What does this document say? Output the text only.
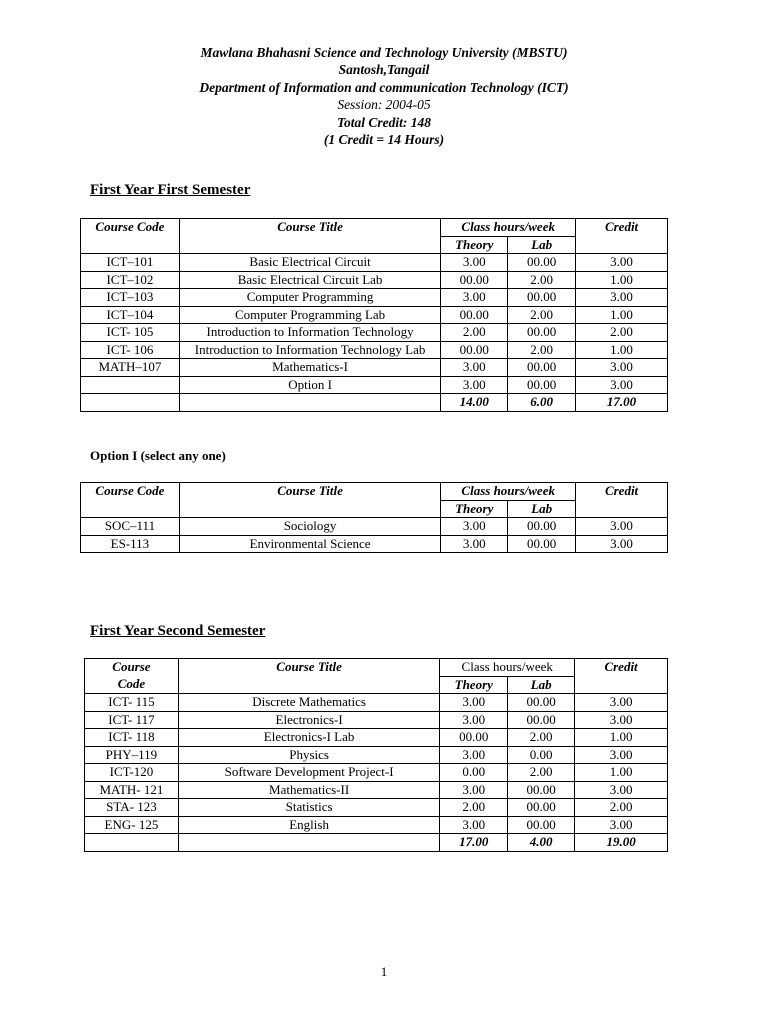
Mawlana Bhahasni Science and Technology University (MBSTU)
Santosh,Tangail
Department of Information and communication Technology (ICT)
Session: 2004-05
Total Credit: 148
(1 Credit = 14 Hours)
First Year First Semester
Course Code	Course Title	Class hours/week		Credit
		Theory	Lab	
ICT–101	Basic Electrical Circuit	3.00	00.00	3.00
ICT–102	Basic Electrical Circuit Lab	00.00	2.00	1.00
ICT–103	Computer Programming	3.00	00.00	3.00
ICT–104	Computer Programming Lab	00.00	2.00	1.00
ICT- 105	Introduction to Information Technology	2.00	00.00	2.00
ICT- 106	Introduction to Information Technology Lab	00.00	2.00	1.00
MATH–107	Mathematics-I	3.00	00.00	3.00
	Option I	3.00	00.00	3.00
		14.00	6.00	17.00
Option I (select any one)
Course Code	Course Title	Class hours/week		Credit
		Theory	Lab	
SOC–111	Sociology	3.00	00.00	3.00
ES-113	Environmental Science	3.00	00.00	3.00
First Year Second Semester
Course
Code	Course Title	Class hours/week		Credit
		Theory	Lab	
ICT- 115	Discrete Mathematics	3.00	00.00	3.00
ICT- 117	Electronics-I	3.00	00.00	3.00
ICT- 118	Electronics-I Lab	00.00	2.00	1.00
PHY–119	Physics	3.00	0.00	3.00
ICT-120	Software Development Project-I	0.00	2.00	1.00
MATH- 121	Mathematics-II	3.00	00.00	3.00
STA- 123	Statistics	2.00	00.00	2.00
ENG- 125	English	3.00	00.00	3.00
		17.00	4.00	19.00
1
